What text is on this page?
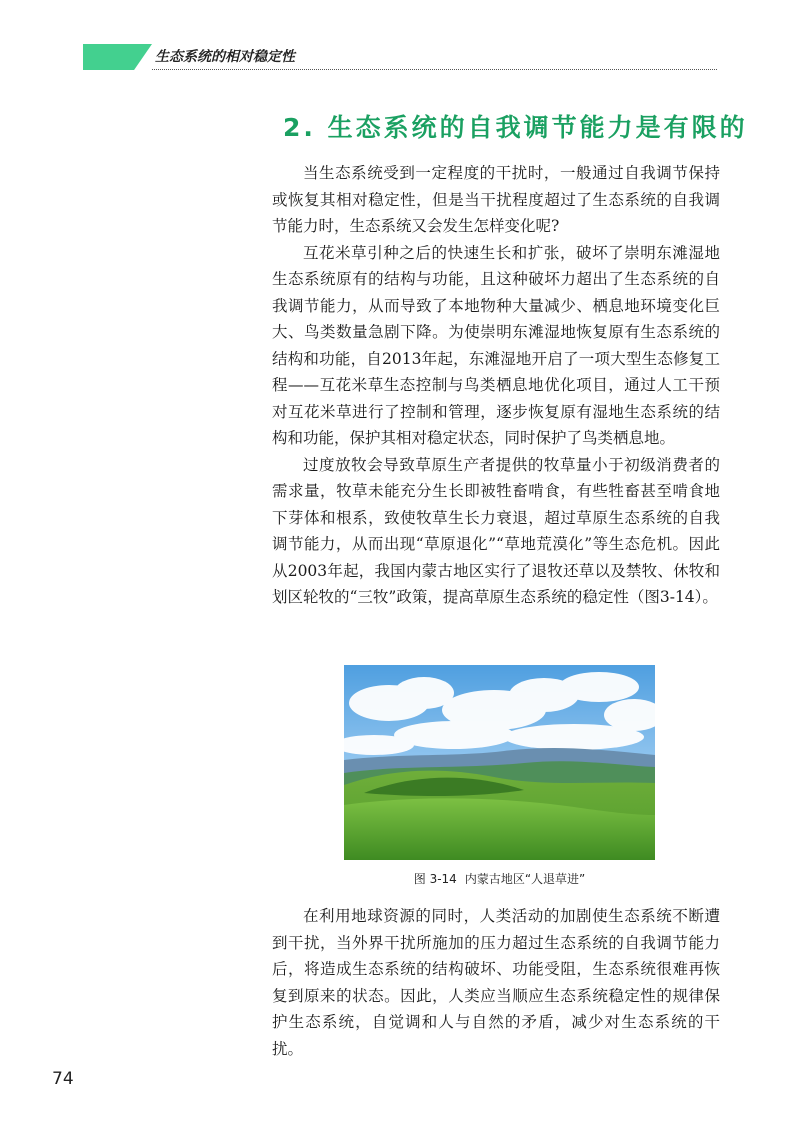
生态系统的相对稳定性
2. 生态系统的自我调节能力是有限的

当生态系统受到一定程度的干扰时，一般通过自我调节保持或恢复其相对稳定性，但是当干扰程度超过了生态系统的自我调节能力时，生态系统又会发生怎样变化呢?

互花米草引种之后的快速生长和扩张，破坏了崇明东滩湿地生态系统原有的结构与功能，且这种破坏力超出了生态系统的自我调节能力，从而导致了本地物种大量减少、栖息地环境变化巨大、鸟类数量急剧下降。为使崇明东滩湿地恢复原有生态系统的结构和功能，自2013年起，东滩湿地开启了一项大型生态修复工程——互花米草生态控制与鸟类栖息地优化项目，通过人工干预对互花米草进行了控制和管理，逐步恢复原有湿地生态系统的结构和功能，保护其相对稳定状态，同时保护了鸟类栖息地。

过度放牧会导致草原生产者提供的牧草量小于初级消费者的需求量，牧草未能充分生长即被牲畜啃食，有些牲畜甚至啃食地下芽体和根系，致使牧草生长力衰退，超过草原生态系统的自我调节能力，从而出现“草原退化”“草地荒漠化”等生态危机。因此从2003年起，我国内蒙古地区实行了退牧还草以及禁牧、休牧和划区轮牧的“三牧”政策，提高草原生态系统的稳定性（图3-14）。

图 3-14 内蒙古地区“人退草进”

在利用地球资源的同时，人类活动的加剧使生态系统不断遭到干扰，当外界干扰所施加的压力超过生态系统的自我调节能力后，将造成生态系统的结构破坏、功能受阻，生态系统很难再恢复到原来的状态。因此，人类应当顺应生态系统稳定性的规律保护生态系统，自觉调和人与自然的矛盾，减少对生态系统的干扰。

74
